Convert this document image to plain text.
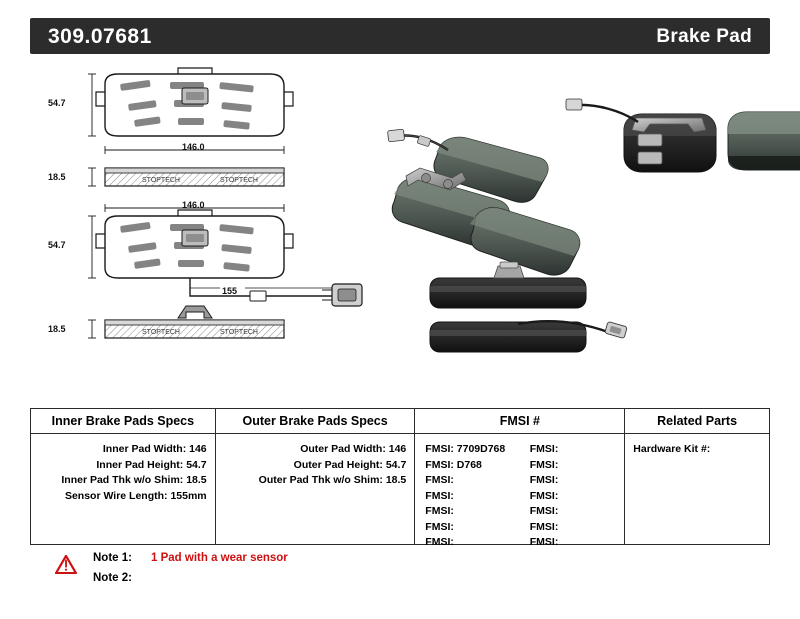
309.07681	Brake Pad
STOPTECH	STOPTECH
STOPTECH	STOPTECH
54.7
146.0
18.5
146.0
54.7
155
18.5
Inner Brake Pads Specs	Outer Brake Pads Specs	FMSI #	Related Parts
Inner Pad Width: 146
Inner Pad Height: 54.7
Inner Pad Thk w/o Shim: 18.5
Sensor Wire Length: 155mm
Outer Pad Width: 146
Outer Pad Height: 54.7
Outer Pad Thk w/o Shim: 18.5
FMSI: 7709D768	FMSI:
FMSI: D768	FMSI:
FMSI:	FMSI:
FMSI:	FMSI:
FMSI:	FMSI:
FMSI:	FMSI:
FMSI:	FMSI:
Hardware Kit #:
Note 1:	1 Pad with a wear sensor
Note 2:
